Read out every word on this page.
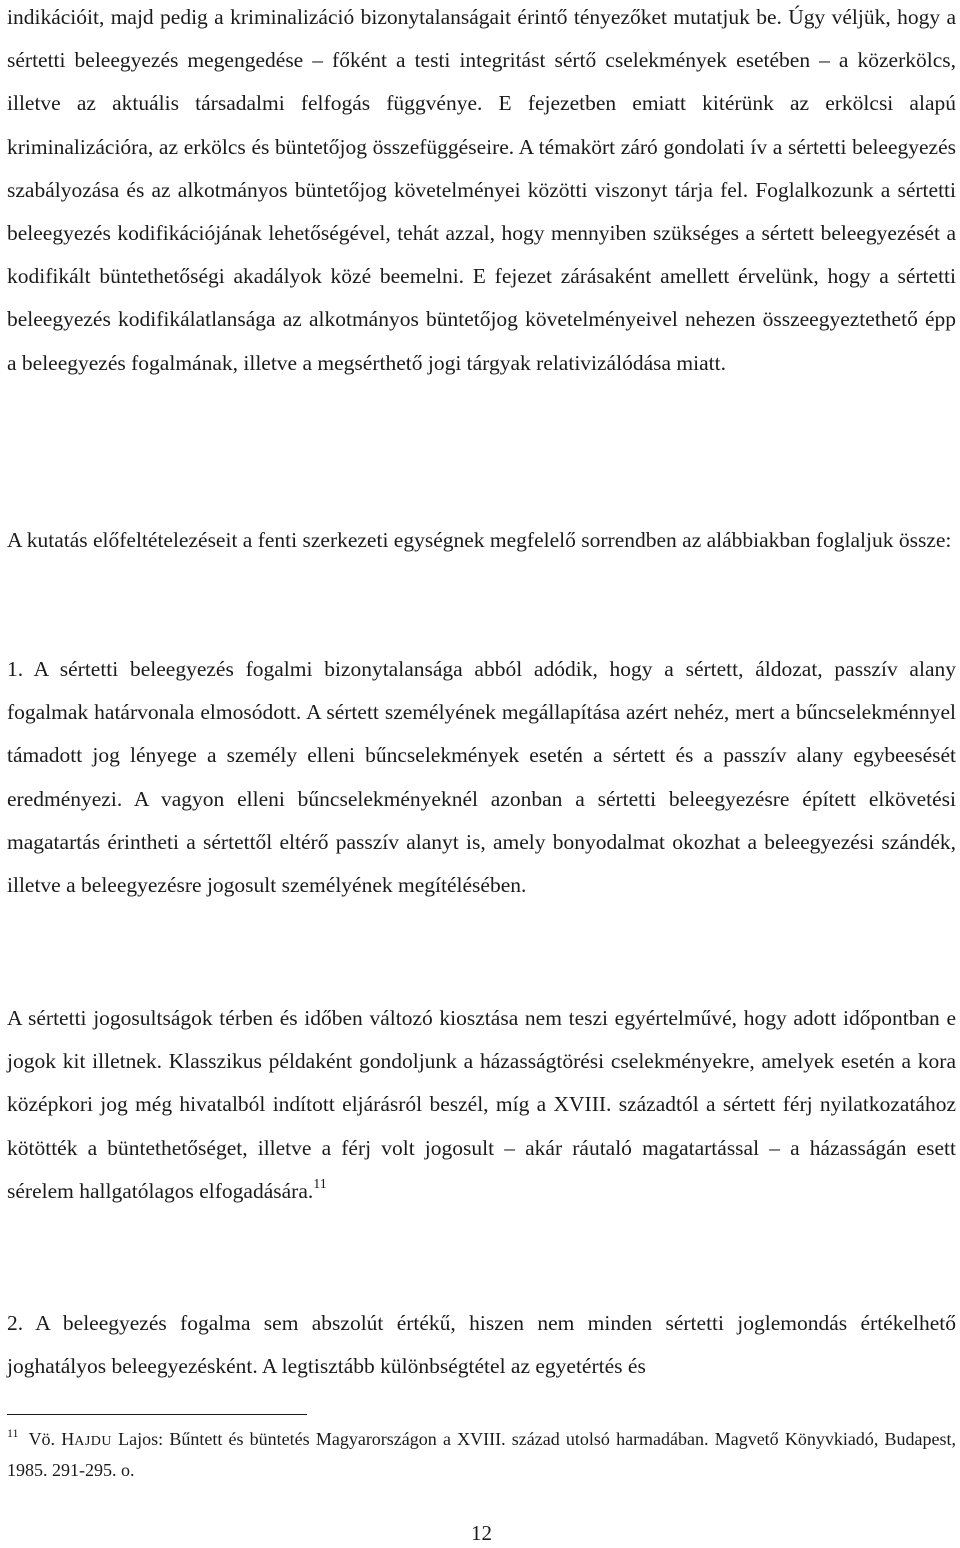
indikációit, majd pedig a kriminalizáció bizonytalanságait érintő tényezőket mutatjuk be. Úgy véljük, hogy a sértetti beleegyezés megengedése – főként a testi integritást sértő cselekmények esetében – a közerkölcs, illetve az aktuális társadalmi felfogás függvénye. E fejezetben emiatt kitérünk az erkölcsi alapú kriminalizációra, az erkölcs és büntetőjog összefüggéseire. A témakört záró gondolati ív a sértetti beleegyezés szabályozása és az alkotmányos büntetőjog követelményei közötti viszonyt tárja fel. Foglalkozunk a sértetti beleegyezés kodifikációjának lehetőségével, tehát azzal, hogy mennyiben szükséges a sértett beleegyezését a kodifikált büntethetőségi akadályok közé beemelni. E fejezet zárásaként amellett érvelünk, hogy a sértetti beleegyezés kodifikálatlansága az alkotmányos büntetőjog követelményeivel nehezen összeegyeztethető épp a beleegyezés fogalmának, illetve a megsérthető jogi tárgyak relativizálódása miatt.

A kutatás előfeltételezéseit a fenti szerkezeti egységnek megfelelő sorrendben az alábbiakban foglaljuk össze:

1. A sértetti beleegyezés fogalmi bizonytalansága abból adódik, hogy a sértett, áldozat, passzív alany fogalmak határvonala elmosódott. A sértett személyének megállapítása azért nehéz, mert a bűncselekménnyel támadott jog lényege a személy elleni bűncselekmények esetén a sértett és a passzív alany egybeesését eredményezi. A vagyon elleni bűncselekményeknél azonban a sértetti beleegyezésre épített elkövetési magatartás érintheti a sértettől eltérő passzív alanyt is, amely bonyodalmat okozhat a beleegyezési szándék, illetve a beleegyezésre jogosult személyének megítélésében.

A sértetti jogosultságok térben és időben változó kiosztása nem teszi egyértelművé, hogy adott időpontban e jogok kit illetnek. Klasszikus példaként gondoljunk a házasságtörési cselekményekre, amelyek esetén a kora középkori jog még hivatalból indított eljárásról beszél, míg a XVIII. századtól a sértett férj nyilatkozatához kötötték a büntethetőséget, illetve a férj volt jogosult – akár ráutaló magatartással – a házasságán esett sérelem hallgatólagos elfogadására.$^{11}$

2. A beleegyezés fogalma sem abszolút értékű, hiszen nem minden sértetti joglemondás értékelhető joghatályos beleegyezésként. A legtisztább különbségtétel az egyetértés és

$^{11}$ Vö. HAJDU Lajos: Bűntett és büntetés Magyarországon a XVIII. század utolsó harmadában. Magvető Könyvkiadó, Budapest, 1985. 291-295. o.

12
